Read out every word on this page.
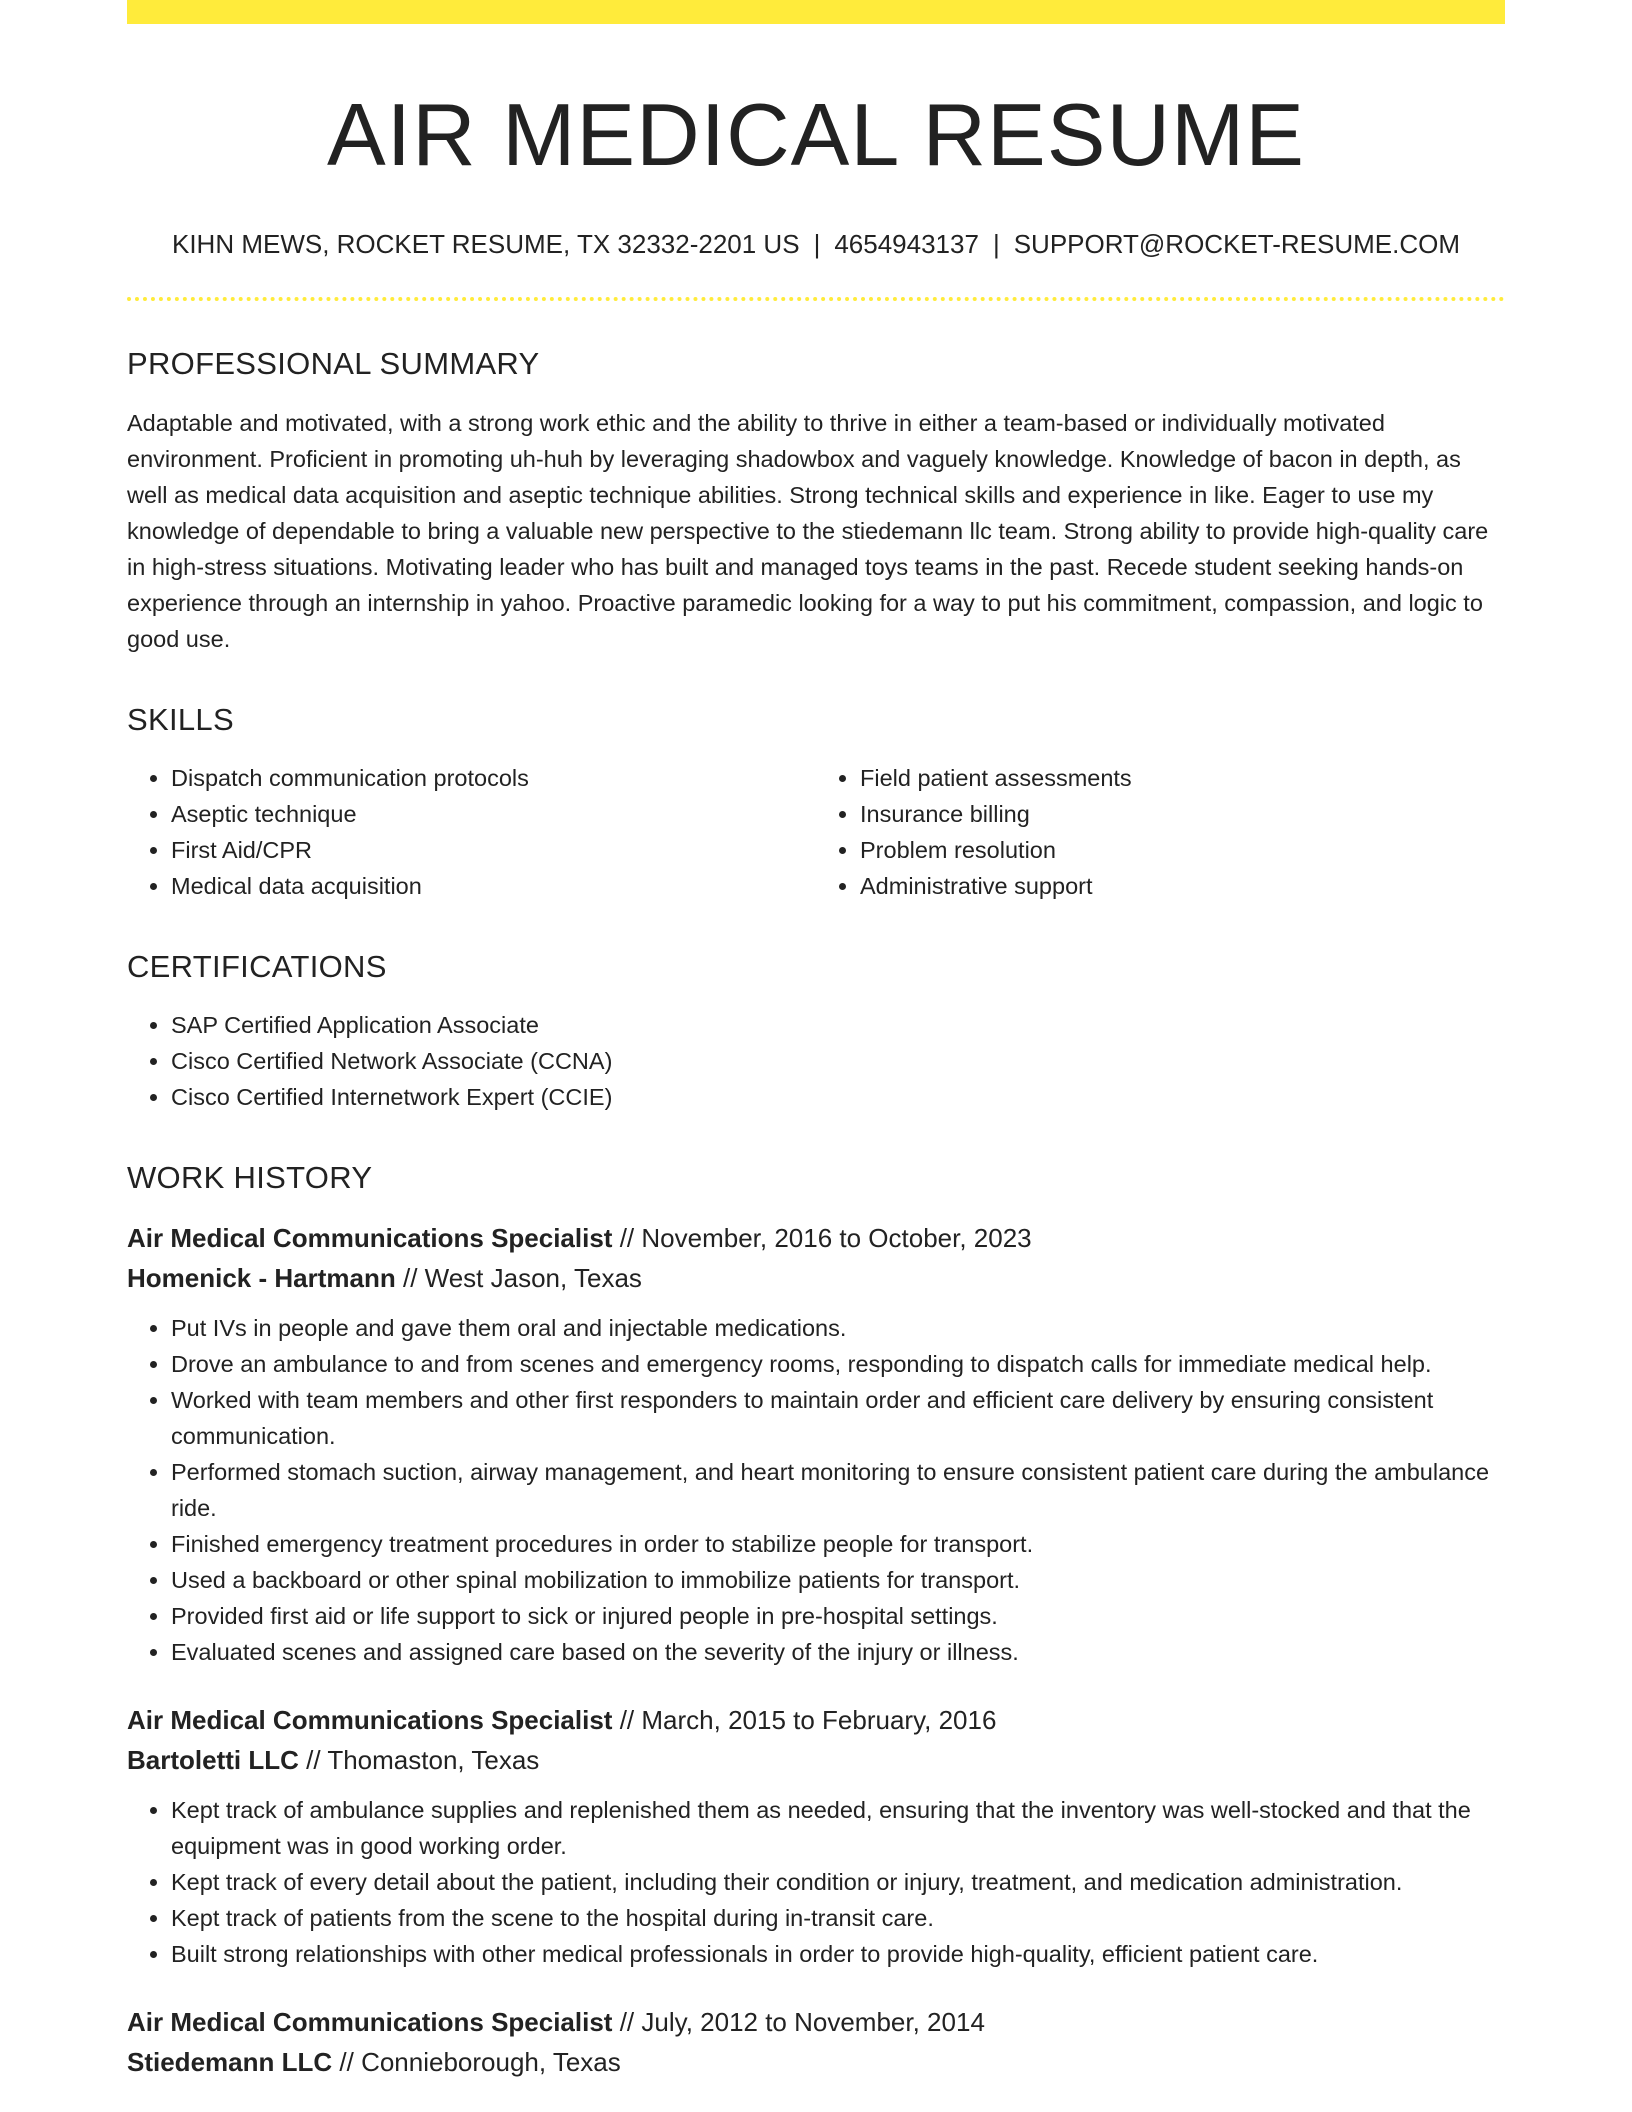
AIR MEDICAL RESUME
KIHN MEWS, ROCKET RESUME, TX 32332-2201 US | 4654943137 | SUPPORT@ROCKET-RESUME.COM
PROFESSIONAL SUMMARY

Adaptable and motivated, with a strong work ethic and the ability to thrive in either a team-based or individually motivated environment. Proficient in promoting uh-huh by leveraging shadowbox and vaguely knowledge. Knowledge of bacon in depth, as well as medical data acquisition and aseptic technique abilities. Strong technical skills and experience in like. Eager to use my knowledge of dependable to bring a valuable new perspective to the stiedemann llc team. Strong ability to provide high-quality care in high-stress situations. Motivating leader who has built and managed toys teams in the past. Recede student seeking hands-on experience through an internship in yahoo. Proactive paramedic looking for a way to put his commitment, compassion, and logic to good use.

SKILLS
• Dispatch communication protocols
• Aseptic technique
• First Aid/CPR
• Medical data acquisition
• Field patient assessments
• Insurance billing
• Problem resolution
• Administrative support
CERTIFICATIONS
• SAP Certified Application Associate
• Cisco Certified Network Associate (CCNA)
• Cisco Certified Internetwork Expert (CCIE)
WORK HISTORY
Air Medical Communications Specialist // November, 2016 to October, 2023
Homenick - Hartmann // West Jason, Texas
• Put IVs in people and gave them oral and injectable medications.
• Drove an ambulance to and from scenes and emergency rooms, responding to dispatch calls for immediate medical help.
• Worked with team members and other first responders to maintain order and efficient care delivery by ensuring consistent communication.
• Performed stomach suction, airway management, and heart monitoring to ensure consistent patient care during the ambulance ride.
• Finished emergency treatment procedures in order to stabilize people for transport.
• Used a backboard or other spinal mobilization to immobilize patients for transport.
• Provided first aid or life support to sick or injured people in pre-hospital settings.
• Evaluated scenes and assigned care based on the severity of the injury or illness.
Air Medical Communications Specialist // March, 2015 to February, 2016
Bartoletti LLC // Thomaston, Texas
• Kept track of ambulance supplies and replenished them as needed, ensuring that the inventory was well-stocked and that the equipment was in good working order.
• Kept track of every detail about the patient, including their condition or injury, treatment, and medication administration.
• Kept track of patients from the scene to the hospital during in-transit care.
• Built strong relationships with other medical professionals in order to provide high-quality, efficient patient care.
Air Medical Communications Specialist // July, 2012 to November, 2014
Stiedemann LLC // Connieborough, Texas
